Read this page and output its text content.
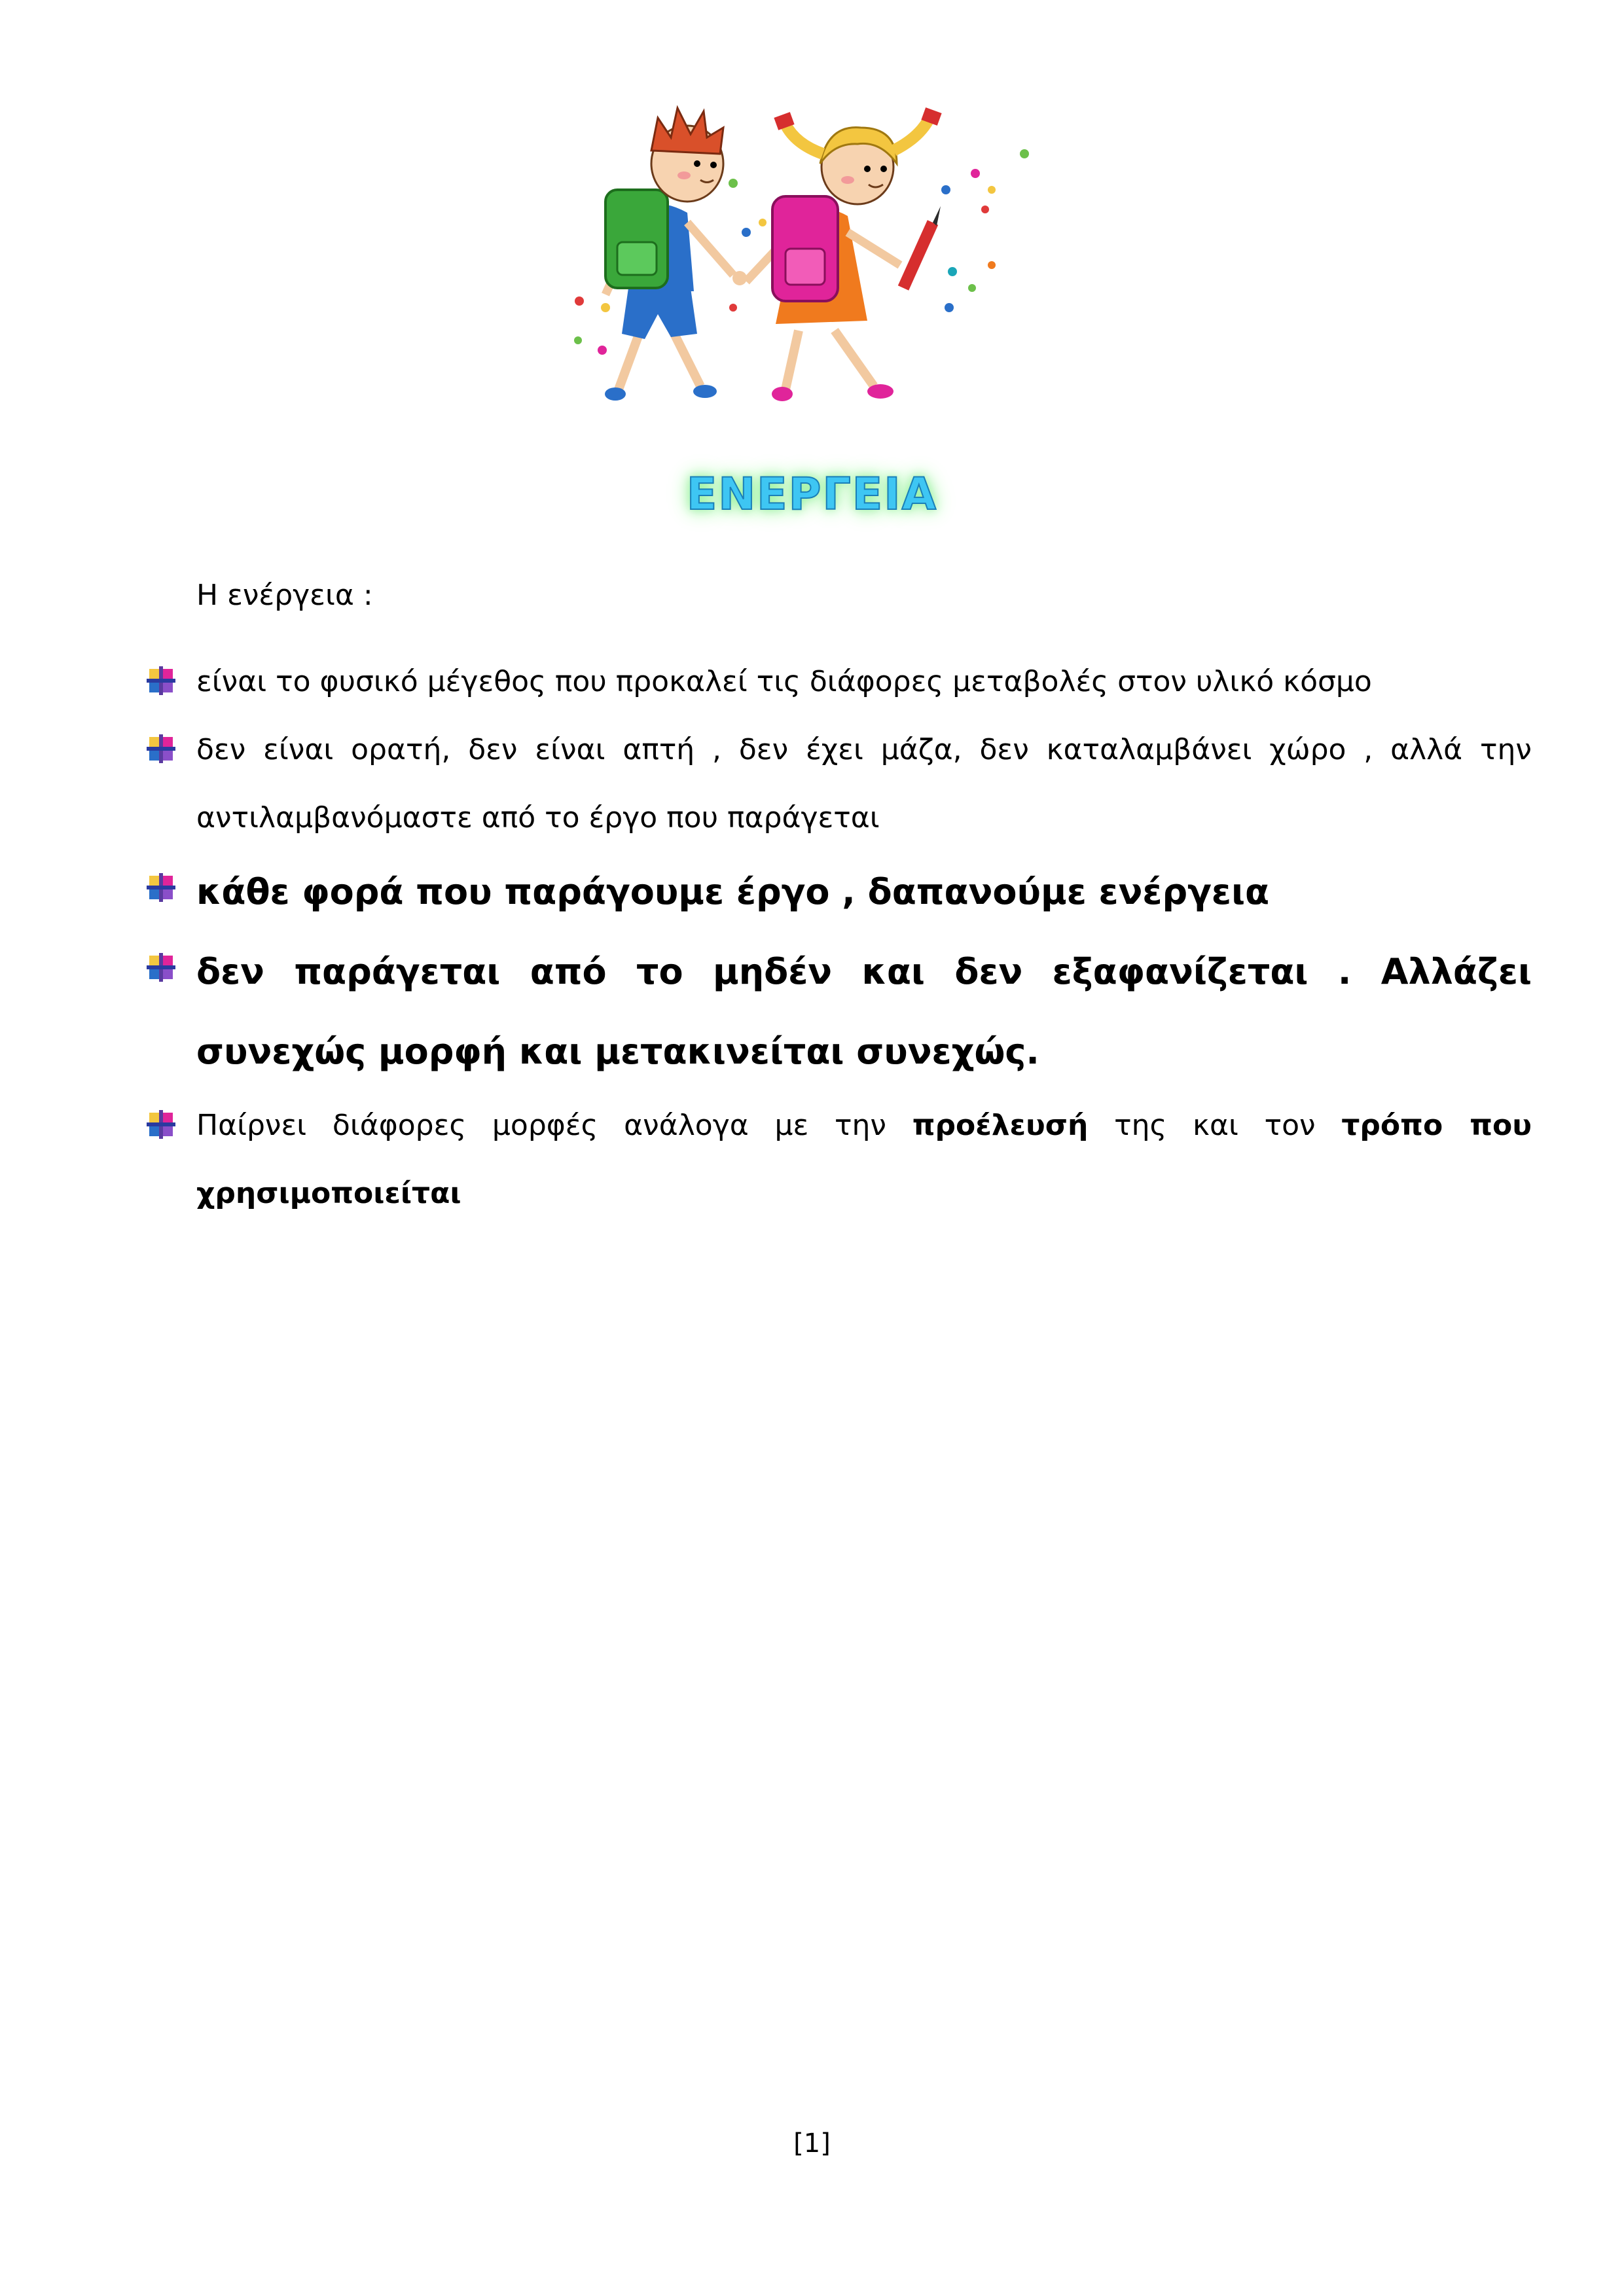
ΕΝΕΡΓΕΙΑ
Η ενέργεια :
είναι το φυσικό μέγεθος που προκαλεί τις διάφορες μεταβολές στον υλικό κόσμο
δεν είναι ορατή, δεν είναι απτή , δεν έχει μάζα, δεν καταλαμβάνει χώρο , αλλά την αντιλαμβανόμαστε από το έργο που παράγεται
κάθε φορά που παράγουμε έργο , δαπανούμε ενέργεια
δεν παράγεται από το μηδέν και δεν εξαφανίζεται . Αλλάζει συνεχώς μορφή και μετακινείται συνεχώς.
Παίρνει διάφορες μορφές ανάλογα με την προέλευσή της και τον τρόπο που χρησιμοποιείται
[1]
